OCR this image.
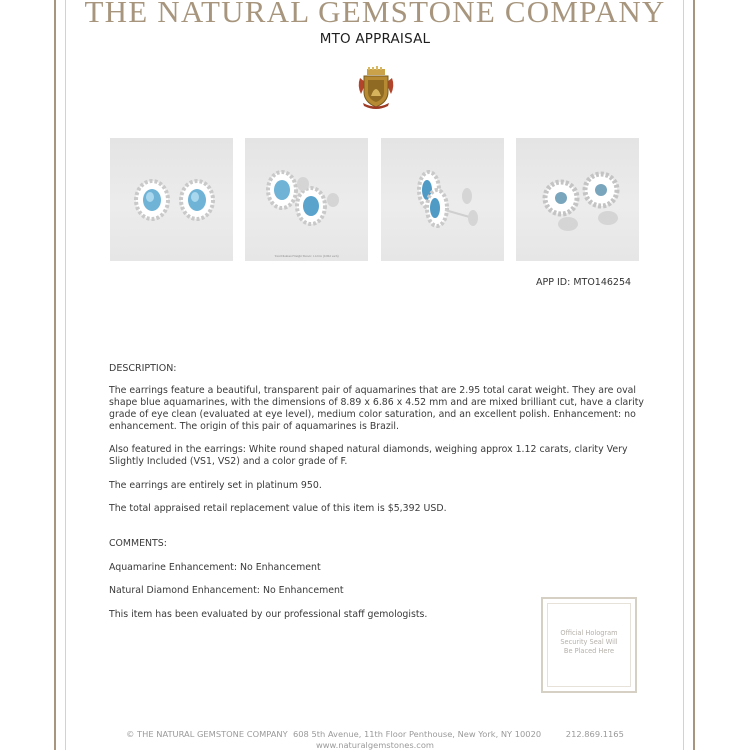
THE NATURAL GEMSTONE COMPANY
MTO APPRAISAL
Total Diamond Weight Shown: 1.12ctw (0.06ct each)
APP ID: MTO146254
DESCRIPTION:
The earrings feature a beautiful, transparent pair of aquamarines that are 2.95 total carat weight. They are oval shape blue aquamarines, with the dimensions of 8.89 x 6.86 x 4.52 mm and are mixed brilliant cut, have a clarity grade of eye clean (evaluated at eye level), medium color saturation, and an excellent polish. Enhancement: no enhancement. The origin of this pair of aquamarines is Brazil.
Also featured in the earrings: White round shaped natural diamonds, weighing approx 1.12 carats, clarity Very Slightly Included (VS1, VS2) and a color grade of F.
The earrings are entirely set in platinum 950.
The total appraised retail replacement value of this item is $5,392 USD.
COMMENTS:
Aquamarine Enhancement: No Enhancement
Natural Diamond Enhancement: No Enhancement
This item has been evaluated by our professional staff gemologists.
Official Hologram
Security Seal Will
Be Placed Here
© THE NATURAL GEMSTONE COMPANY 608 5th Avenue, 11th Floor Penthouse, New York, NY 10020	212.869.1165
www.naturalgemstones.com
